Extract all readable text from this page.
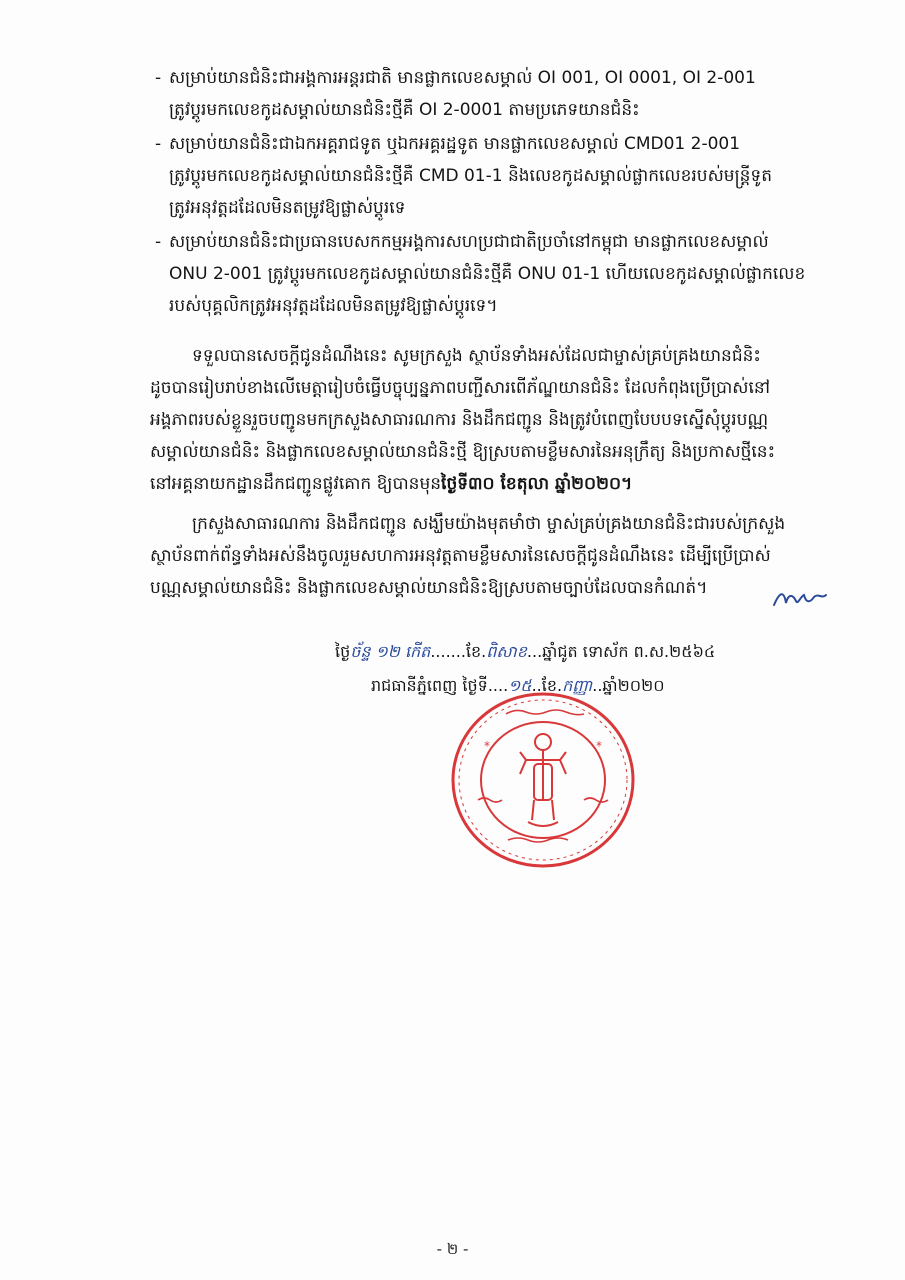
- សម្រាប់យានជំនិះជាអង្គការអន្តរជាតិ មានផ្លាកលេខសម្គាល់ OI 001, OI 0001, OI 2-001
ត្រូវប្តូរមកលេខកូដសម្គាល់យានជំនិះថ្មីគឺ OI 2-0001 តាមប្រភេទយានជំនិះ
- សម្រាប់យានជំនិះជាឯកអគ្គរាជទូត ឬឯកអគ្គរដ្ឋទូត មានផ្លាកលេខសម្គាល់ CMD01 2-001
ត្រូវប្តូរមកលេខកូដសម្គាល់យានជំនិះថ្មីគឺ CMD 01-1 និងលេខកូដសម្គាល់ផ្លាកលេខរបស់មន្ត្រីទូត
ត្រូវអនុវត្តដដែលមិនតម្រូវឱ្យផ្លាស់ប្តូរទេ
- សម្រាប់យានជំនិះជាប្រធានបេសកកម្មអង្គការសហប្រជាជាតិប្រចាំនៅកម្ពុជា មានផ្លាកលេខសម្គាល់
ONU 2-001 ត្រូវប្តូរមកលេខកូដសម្គាល់យានជំនិះថ្មីគឺ ONU 01-1 ហើយលេខកូដសម្គាល់ផ្លាកលេខ
របស់បុគ្គលិកត្រូវអនុវត្តដដែលមិនតម្រូវឱ្យផ្លាស់ប្តូរទេ។
ទទួលបានសេចក្តីជូនដំណឹងនេះ សូមក្រសួង ស្ថាប័នទាំងអស់ដែលជាម្ចាស់គ្រប់គ្រងយានជំនិះ
ដូចបានរៀបរាប់ខាងលើមេត្តារៀបចំធ្វើបច្ចុប្បន្នភាពបញ្ជីសារពើភ័ណ្ឌយានជំនិះ ដែលកំពុងប្រើប្រាស់នៅ
អង្គភាពរបស់ខ្លួនរួចបញ្ជូនមកក្រសួងសាធារណការ និងដឹកជញ្ជូន និងត្រូវបំពេញបែបបទស្នើសុំប្តូរបណ្ណ
សម្គាល់យានជំនិះ និងផ្លាកលេខសម្គាល់យានជំនិះថ្មី ឱ្យស្របតាមខ្លឹមសារនៃអនុក្រឹត្យ និងប្រកាសថ្មីនេះ
នៅអគ្គនាយកដ្ឋានដឹកជញ្ជូនផ្លូវគោក ឱ្យបានមុនថ្ងៃទី៣០ ខែតុលា ឆ្នាំ២០២០។
ក្រសួងសាធារណការ និងដឹកជញ្ជូន សង្ឃឹមយ៉ាងមុតមាំថា ម្ចាស់គ្រប់គ្រងយានជំនិះជារបស់ក្រសួង
ស្ថាប័នពាក់ព័ន្ធទាំងអស់នឹងចូលរួមសហការអនុវត្តតាមខ្លឹមសារនៃសេចក្តីជូនដំណឹងនេះ ដើម្បីប្រើប្រាស់
បណ្ណសម្គាល់យានជំនិះ និងផ្លាកលេខសម្គាល់យានជំនិះឱ្យស្របតាមច្បាប់ដែលបានកំណត់។
ថ្ងៃច័ន្ទ ១២ កើត.......ខែ.ពិសាខ...ឆ្នាំជូត ទោស័ក ព.ស.២៥៦៤
រាជធានីភ្នំពេញ ថ្ងៃទី....១៥..ខែ.កញ្ញា..ឆ្នាំ២០២០
*	*
- ២ -
